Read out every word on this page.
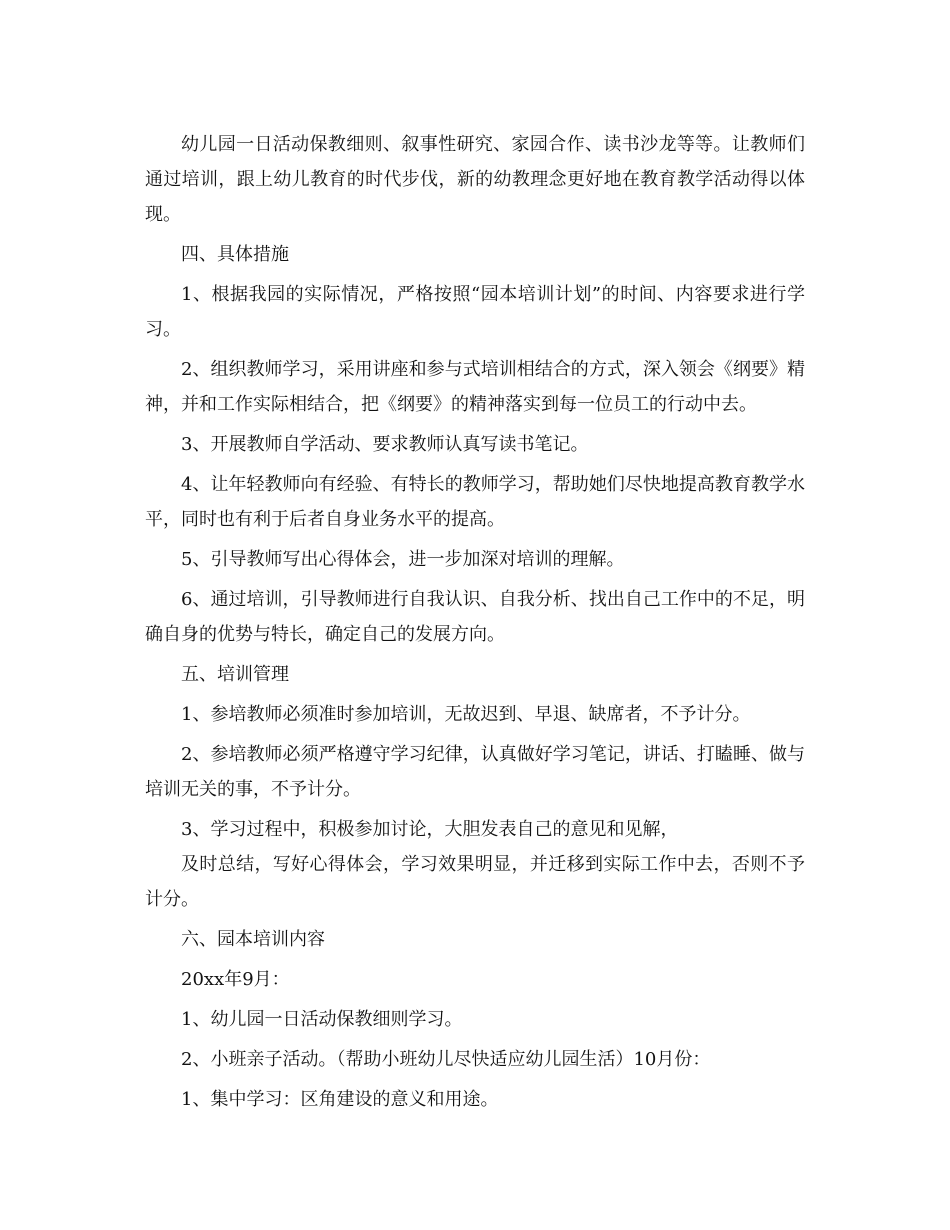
幼儿园一日活动保教细则、叙事性研究、家园合作、读书沙龙等等。让教师们通过培训，跟上幼儿教育的时代步伐，新的幼教理念更好地在教育教学活动得以体现。

四、具体措施

1、根据我园的实际情况，严格按照“园本培训计划”的时间、内容要求进行学习。

2、组织教师学习，采用讲座和参与式培训相结合的方式，深入领会《纲要》精神，并和工作实际相结合，把《纲要》的精神落实到每一位员工的行动中去。

3、开展教师自学活动、要求教师认真写读书笔记。

4、让年轻教师向有经验、有特长的教师学习，帮助她们尽快地提高教育教学水平，同时也有利于后者自身业务水平的提高。

5、引导教师写出心得体会，进一步加深对培训的理解。

6、通过培训，引导教师进行自我认识、自我分析、找出自己工作中的不足，明确自身的优势与特长，确定自己的发展方向。

五、培训管理

1、参培教师必须准时参加培训，无故迟到、早退、缺席者，不予计分。

2、参培教师必须严格遵守学习纪律，认真做好学习笔记，讲话、打瞌睡、做与培训无关的事，不予计分。

3、学习过程中，积极参加讨论，大胆发表自己的意见和见解，

及时总结，写好心得体会，学习效果明显，并迁移到实际工作中去，否则不予计分。

六、园本培训内容

20xx年9月：

1、幼儿园一日活动保教细则学习。

2、小班亲子活动。（帮助小班幼儿尽快适应幼儿园生活）10月份：

1、集中学习：区角建设的意义和用途。
